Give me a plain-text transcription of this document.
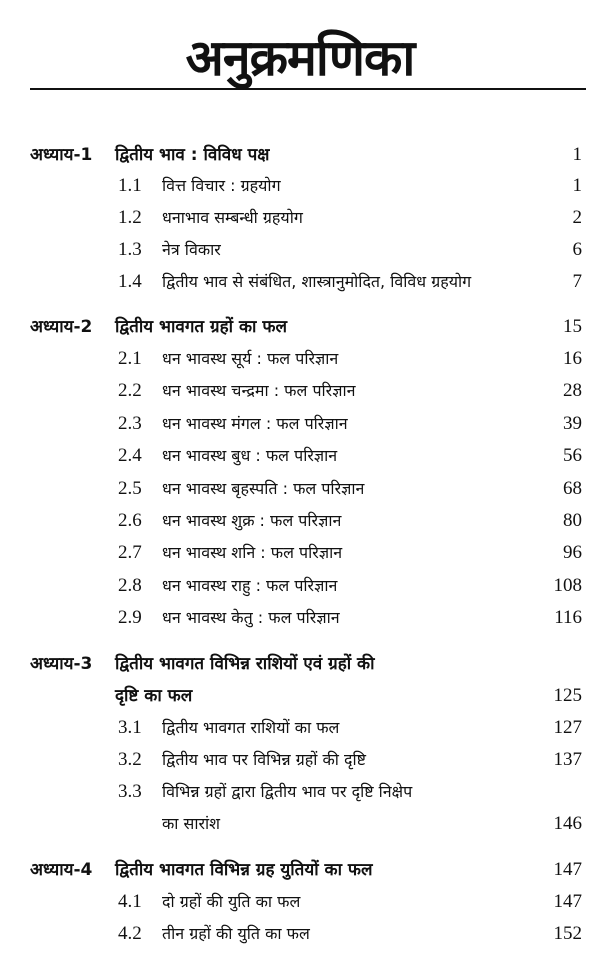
अनुक्रमणिका
अध्याय-1 द्वितीय भाव : विविध पक्ष	1
1.1 वित्त विचार : ग्रहयोग	1
1.2 धनाभाव सम्बन्धी ग्रहयोग	2
1.3 नेत्र विकार	6
1.4 द्वितीय भाव से संबंधित, शास्त्रानुमोदित, विविध ग्रहयोग	7
अध्याय-2 द्वितीय भावगत ग्रहों का फल	15
2.1 धन भावस्थ सूर्य : फल परिज्ञान	16
2.2 धन भावस्थ चन्द्रमा : फल परिज्ञान	28
2.3 धन भावस्थ मंगल : फल परिज्ञान	39
2.4 धन भावस्थ बुध : फल परिज्ञान	56
2.5 धन भावस्थ बृहस्पति : फल परिज्ञान	68
2.6 धन भावस्थ शुक्र : फल परिज्ञान	80
2.7 धन भावस्थ शनि : फल परिज्ञान	96
2.8 धन भावस्थ राहु : फल परिज्ञान	108
2.9 धन भावस्थ केतु : फल परिज्ञान	116
अध्याय-3 द्वितीय भावगत विभिन्न राशियों एवं ग्रहों की
दृष्टि का फल	125
3.1 द्वितीय भावगत राशियों का फल	127
3.2 द्वितीय भाव पर विभिन्न ग्रहों की दृष्टि	137
3.3 विभिन्न ग्रहों द्वारा द्वितीय भाव पर दृष्टि निक्षेप
का सारांश	146
अध्याय-4 द्वितीय भावगत विभिन्न ग्रह युतियों का फल	147
4.1 दो ग्रहों की युति का फल	147
4.2 तीन ग्रहों की युति का फल	152
